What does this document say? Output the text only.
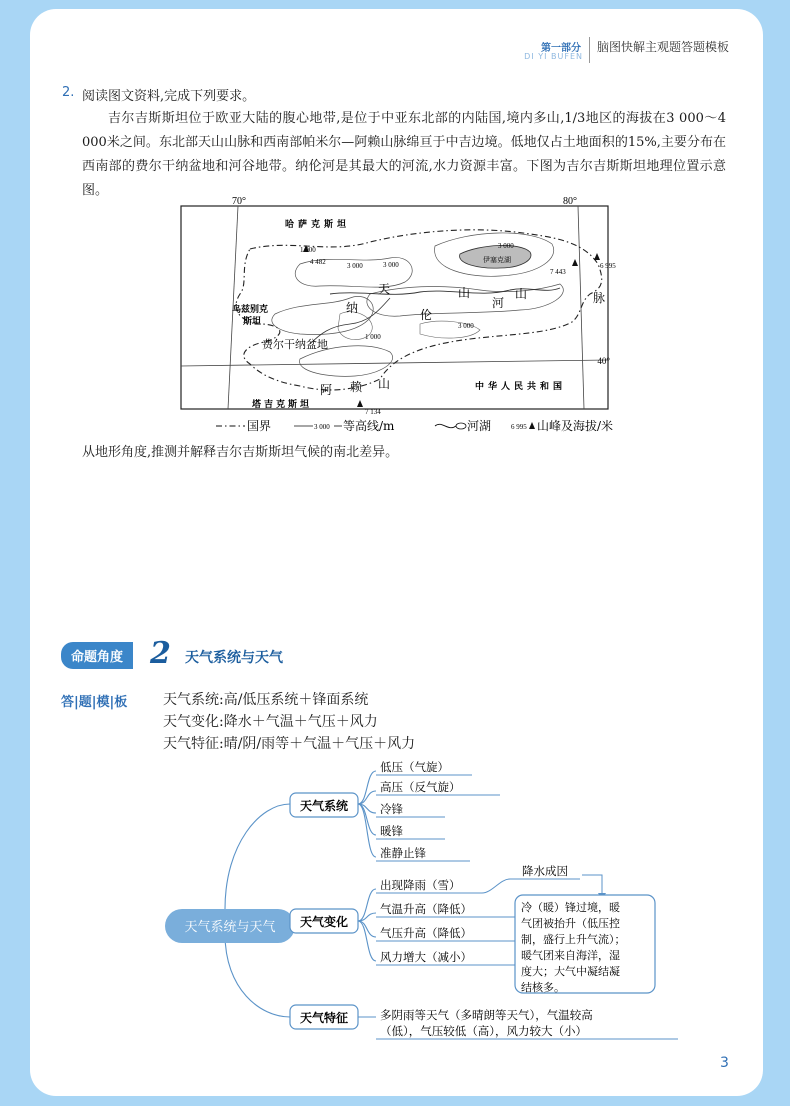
第一部分
DI YI BUFEN
脑图快解主观题答题模板
2. 阅读图文资料,完成下列要求。
吉尔吉斯斯坦位于欧亚大陆的腹心地带,是位于中亚东北部的内陆国,境内多山,1/3地区的海拔在3 000～4 000米之间。东北部天山山脉和西南部帕米尔—阿赖山脉绵亘于中吉边境。低地仅占土地面积的15%,主要分布在西南部的费尔干纳盆地和河谷地带。纳伦河是其最大的河流,水力资源丰富。下图为吉尔吉斯斯坦地理位置示意图。
70°	80°
40°
哈萨克斯坦
乌兹别克
斯坦
塔吉克斯坦
中华人民共和国
天	山	山	脉
纳	伦
河
阿 赖 山
费尔干纳盆地
伊塞克湖
1 000
4 482	3 000	3 000
3 000
7 443
6 995
3 000
1 000
7 134
国界	3 000 等高线/m	河湖	6 995 山峰及海拔/米
从地形角度,推测并解释吉尔吉斯斯坦气候的南北差异。
命题角度 2 天气系统与天气
答|题|模|板	天气系统:高/低压系统＋锋面系统
天气变化:降水＋气温＋气压＋风力
天气特征:晴/阴/雨等＋气温＋气压＋风力
天气系统与天气
天气系统
天气变化
天气特征
低压（气旋）
高压（反气旋）
冷锋
暖锋
准静止锋
出现降雨（雪）
气温升高（降低）
气压升高（降低）
风力增大（减小）
降水成因
多阴雨等天气（多晴朗等天气），气温较高
（低），气压较低（高），风力较大（小）
冷（暖）锋过境，暖
气团被抬升（低压控
制，盛行上升气流）；
暖气团来自海洋，湿
度大；大气中凝结凝
结核多。
3
